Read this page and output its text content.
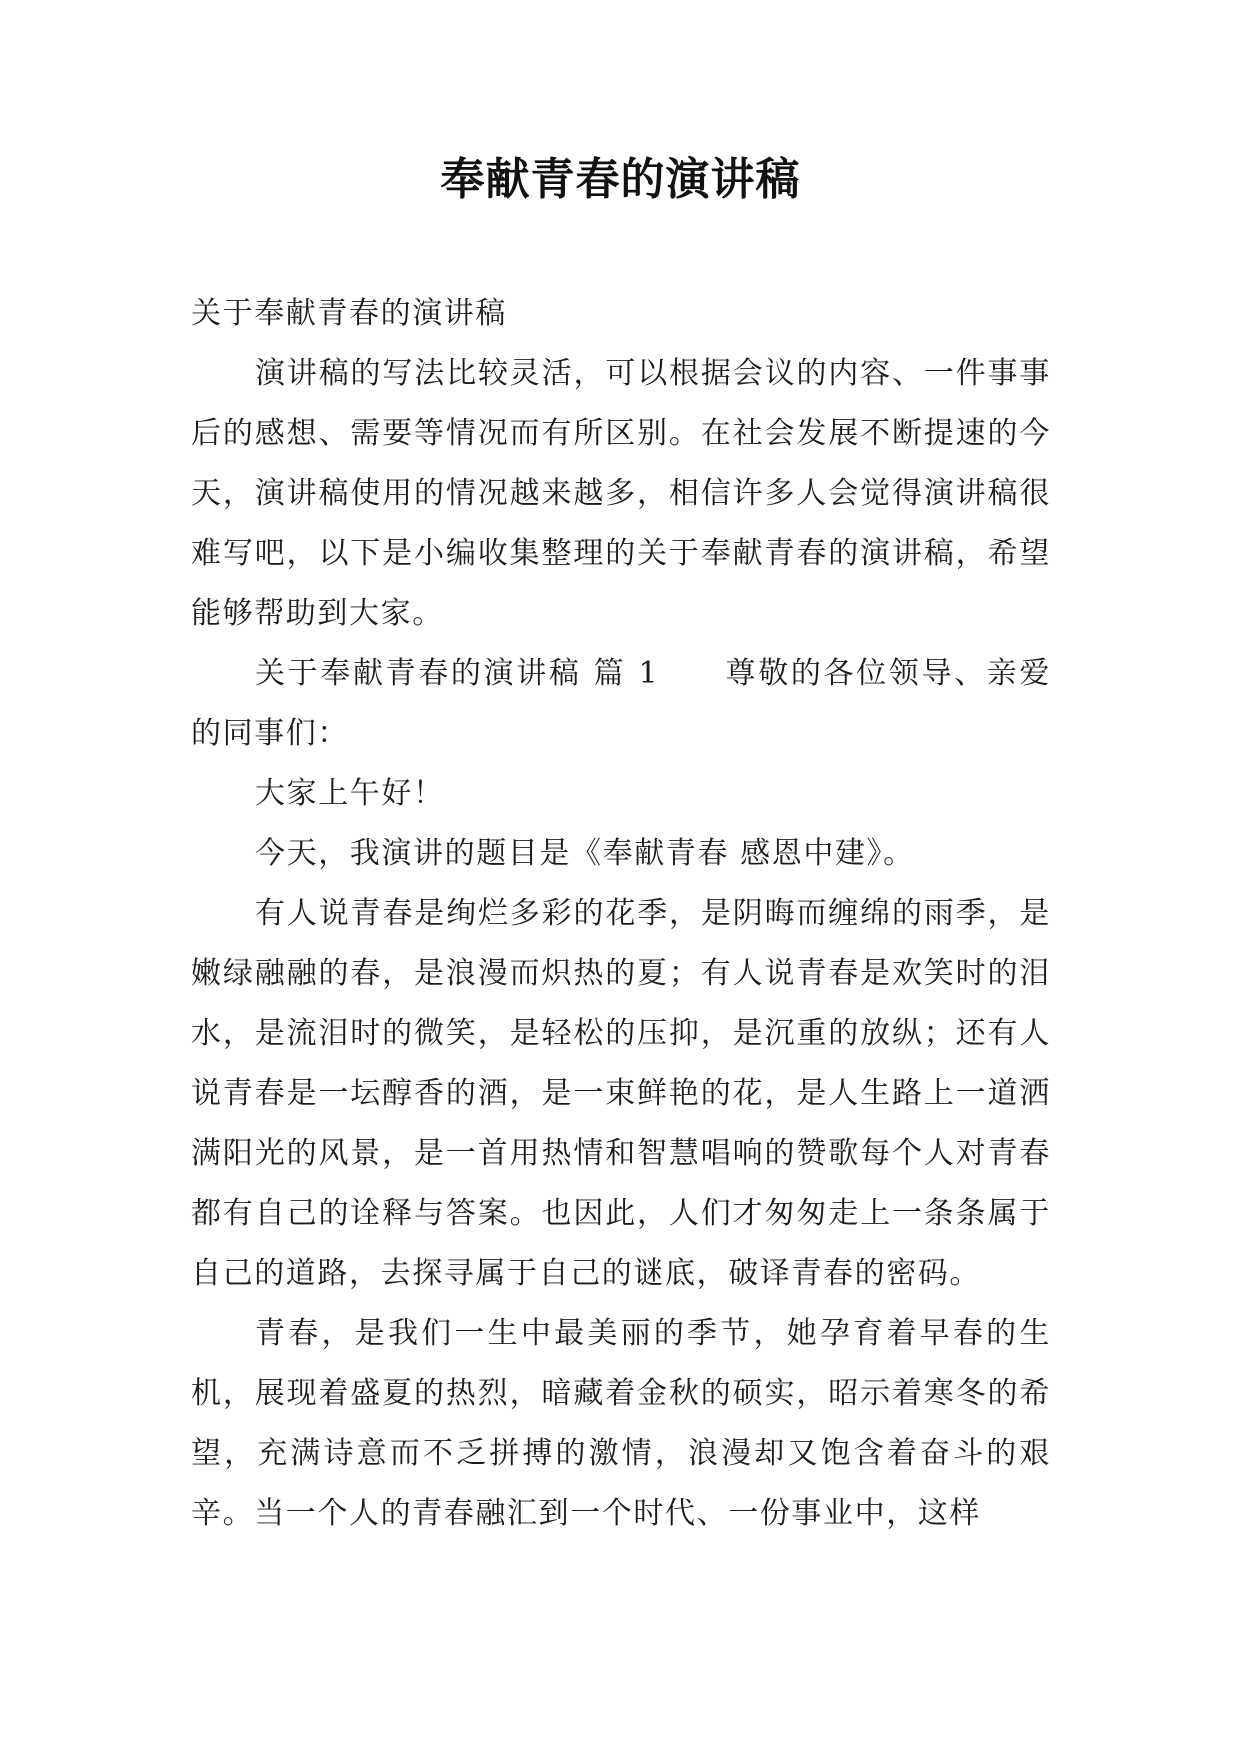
奉献青春的演讲稿

关于奉献青春的演讲稿

演讲稿的写法比较灵活，可以根据会议的内容、一件事事后的感想、需要等情况而有所区别。在社会发展不断提速的今天，演讲稿使用的情况越来越多，相信许多人会觉得演讲稿很难写吧，以下是小编收集整理的关于奉献青春的演讲稿，希望能够帮助到大家。

关于奉献青春的演讲稿 篇 1　　尊敬的各位领导、亲爱的同事们：

大家上午好！

今天，我演讲的题目是《奉献青春 感恩中建》。

有人说青春是绚烂多彩的花季，是阴晦而缠绵的雨季，是嫩绿融融的春，是浪漫而炽热的夏；有人说青春是欢笑时的泪水，是流泪时的微笑，是轻松的压抑，是沉重的放纵；还有人说青春是一坛醇香的酒，是一束鲜艳的花，是人生路上一道洒满阳光的风景，是一首用热情和智慧唱响的赞歌每个人对青春都有自己的诠释与答案。也因此，人们才匆匆走上一条条属于自己的道路，去探寻属于自己的谜底，破译青春的密码。

青春，是我们一生中最美丽的季节，她孕育着早春的生机，展现着盛夏的热烈，暗藏着金秋的硕实，昭示着寒冬的希望，充满诗意而不乏拼搏的激情，浪漫却又饱含着奋斗的艰辛。当一个人的青春融汇到一个时代、一份事业中，这样
